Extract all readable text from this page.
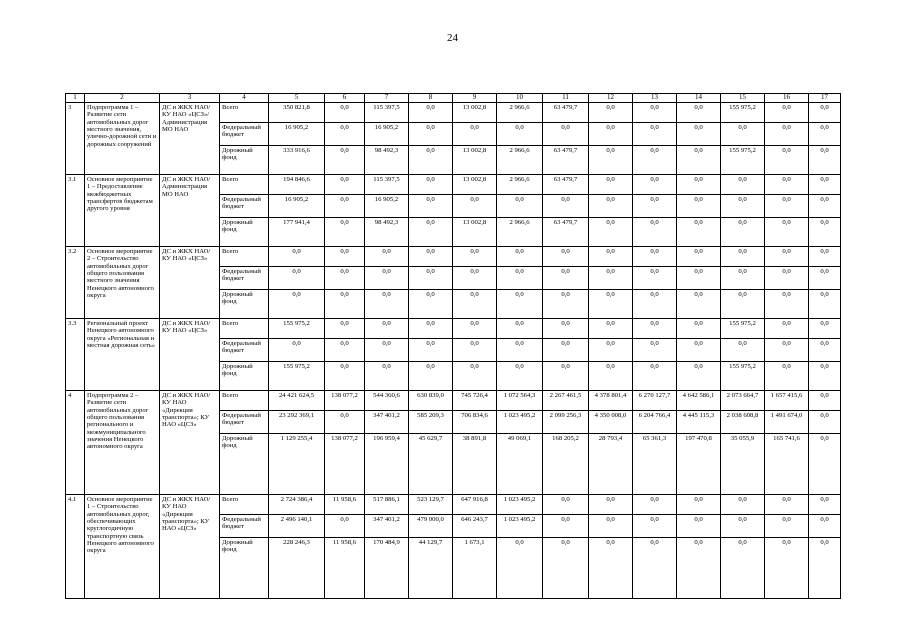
24
1	2	3	4	5	6	7	8	9	10	11	12	13	14	15	16	17
3	Подпрограмма 1 – Развитие сети автомобильных дорог местного значения, улично-дорожной сети и дорожных сооружений	ДС и ЖКХ НАО/ КУ НАО «ЦСЗ»/ Администрация МО НАО	Всего	350 821,8	0,0	115 397,5	0,0	13 002,8	2 966,6	63 479,7	0,0	0,0	0,0	155 975,2	0,0	0,0
			Федеральный бюджет	16 905,2	0,0	16 905,2	0,0	0,0	0,0	0,0	0,0	0,0	0,0	0,0	0,0	0,0
			Дорожный фонд	333 916,6	0,0	98 492,3	0,0	13 002,8	2 966,6	63 479,7	0,0	0,0	0,0	155 975,2	0,0	0,0
3.1	Основное мероприятие 1 – Предоставление межбюджетных трансфертов бюджетам другого уровня	ДС и ЖКХ НАО/ Администрация МО НАО	Всего	194 846,6	0,0	115 397,5	0,0	13 002,8	2 966,6	63 479,7	0,0	0,0	0,0	0,0	0,0	0,0
			Федеральный бюджет	16 905,2	0,0	16 905,2	0,0	0,0	0,0	0,0	0,0	0,0	0,0	0,0	0,0	0,0
			Дорожный фонд	177 941,4	0,0	98 492,3	0,0	13 002,8	2 966,6	63 479,7	0,0	0,0	0,0	0,0	0,0	0,0
3.2	Основное мероприятие 2 – Строительство автомобильных дорог общего пользования местного значения Ненецкого автономного округа	ДС и ЖКХ НАО/ КУ НАО «ЦСЗ»	Всего	0,0	0,0	0,0	0,0	0,0	0,0	0,0	0,0	0,0	0,0	0,0	0,0	0,0
			Федеральный бюджет	0,0	0,0	0,0	0,0	0,0	0,0	0,0	0,0	0,0	0,0	0,0	0,0	0,0
			Дорожный фонд	0,0	0,0	0,0	0,0	0,0	0,0	0,0	0,0	0,0	0,0	0,0	0,0	0,0
3.3	Региональный проект Ненецкого автономного округа «Региональная и местная дорожная сеть»	ДС и ЖКХ НАО/ КУ НАО «ЦСЗ»	Всего	155 975,2	0,0	0,0	0,0	0,0	0,0	0,0	0,0	0,0	0,0	155 975,2	0,0	0,0
			Федеральный бюджет	0,0	0,0	0,0	0,0	0,0	0,0	0,0	0,0	0,0	0,0	0,0	0,0	0,0
			Дорожный фонд	155 975,2	0,0	0,0	0,0	0,0	0,0	0,0	0,0	0,0	0,0	155 975,2	0,0	0,0
4	Подпрограмма 2 – Развитие сети автомобильных дорог общего пользования регионального и межмуниципального значения Ненецкого автономного округа	ДС и ЖКХ НАО/ КУ НАО «Дирекция транспорта»; КУ НАО «ЦСЗ»	Всего	24 421 624,5	138 077,2	544 360,6	630 839,0	745 726,4	1 072 564,3	2 267 461,5	4 378 801,4	6 270 127,7	4 642 586,1	2 073 664,7	1 657 415,6	0,0
			Федеральный бюджет	23 292 369,1	0,0	347 401,2	585 209,3	706 834,6	1 023 495,2	2 099 256,3	4 350 008,0	6 204 766,4	4 445 115,3	2 038 608,8	1 491 674,0	0,0
			Дорожный фонд	1 129 255,4	138 077,2	196 959,4	45 629,7	38 891,8	49 069,1	168 205,2	28 793,4	65 361,3	197 470,8	35 055,9	165 741,6	0,0
4.1	Основное мероприятие 1 – Строительство автомобильных дорог, обеспечивающих круглогодичную транспортную связь Ненецкого автономного округа	ДС и ЖКХ НАО/ КУ НАО «Дирекция транспорта»; КУ НАО «ЦСЗ»	Всего	2 724 386,4	11 958,6	517 886,1	523 129,7	647 916,8	1 023 495,2	0,0	0,0	0,0	0,0	0,0	0,0	0,0
			Федеральный бюджет	2 496 140,1	0,0	347 401,2	479 000,0	646 243,7	1 023 495,2	0,0	0,0	0,0	0,0	0,0	0,0	0,0
			Дорожный фонд	228 246,3	11 958,6	170 484,9	44 129,7	1 673,1	0,0	0,0	0,0	0,0	0,0	0,0	0,0	0,0
